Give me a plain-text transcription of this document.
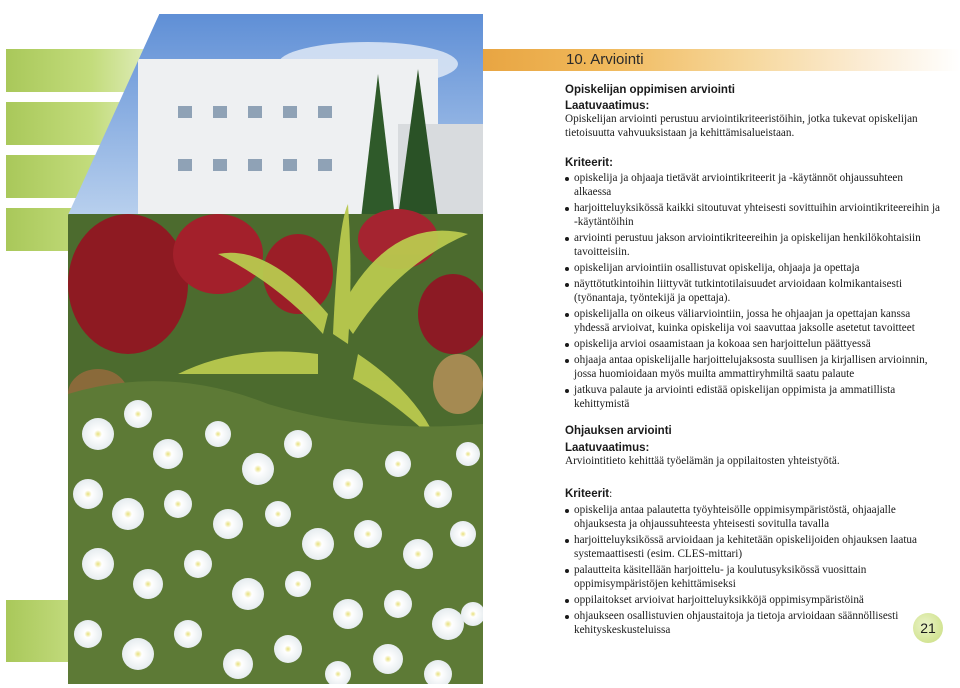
10. Arviointi
Opiskelijan oppimisen arviointi
Laatuvaatimus:
Opiskelijan arviointi perustuu arviointikriteeristöihin, jotka tukevat opiskelijan tietoisuutta vahvuuksistaan ja kehittämisalueistaan.
Kriteerit:
opiskelija ja ohjaaja tietävät arviointikriteerit ja -käytännöt ohjaussuhteen alkaessa
harjoitteluyksikössä kaikki sitoutuvat yhteisesti sovittuihin arviointikriteereihin ja -käytäntöihin
arviointi perustuu jakson arviointikriteereihin ja opiskelijan henkilökohtaisiin tavoitteisiin.
opiskelijan arviointiin osallistuvat opiskelija, ohjaaja ja opettaja
näyttötutkintoihin liittyvät tutkintotilaisuudet arvioidaan kolmikantaisesti (työnantaja, työntekijä ja opettaja).
opiskelijalla on oikeus väliarviointiin, jossa he ohjaajan ja opettajan kanssa yhdessä arvioivat, kuinka opiskelija voi saavuttaa jaksolle asetetut tavoitteet
opiskelija arvioi osaamistaan ja kokoaa sen harjoittelun päättyessä
ohjaaja antaa opiskelijalle harjoittelujaksosta suullisen ja kirjallisen arvioinnin, jossa huomioidaan myös muilta ammattiryhmiltä saatu palaute
jatkuva palaute ja arviointi edistää opiskelijan oppimista ja ammatillista kehittymistä
Ohjauksen arviointi
Laatuvaatimus:
Arviointitieto kehittää työelämän ja oppilaitosten yhteistyötä.
Kriteerit:
opiskelija antaa palautetta työyhteisölle oppimisympäristöstä, ohjaajalle ohjauksesta ja ohjaussuhteesta yhteisesti sovitulla tavalla
harjoitteluyksikössä arvioidaan ja kehitetään opiskelijoiden ohjauksen laatua systemaattisesti (esim. CLES-mittari)
palautteita käsitellään harjoittelu- ja koulutusyksikössä vuosittain oppimisympäristöjen kehittämiseksi
oppilaitokset arvioivat harjoitteluyksikköjä oppimisympäristöinä
ohjaukseen osallistuvien ohjaustaitoja ja tietoja arvioidaan säännöllisesti kehityskeskusteluissa	21
